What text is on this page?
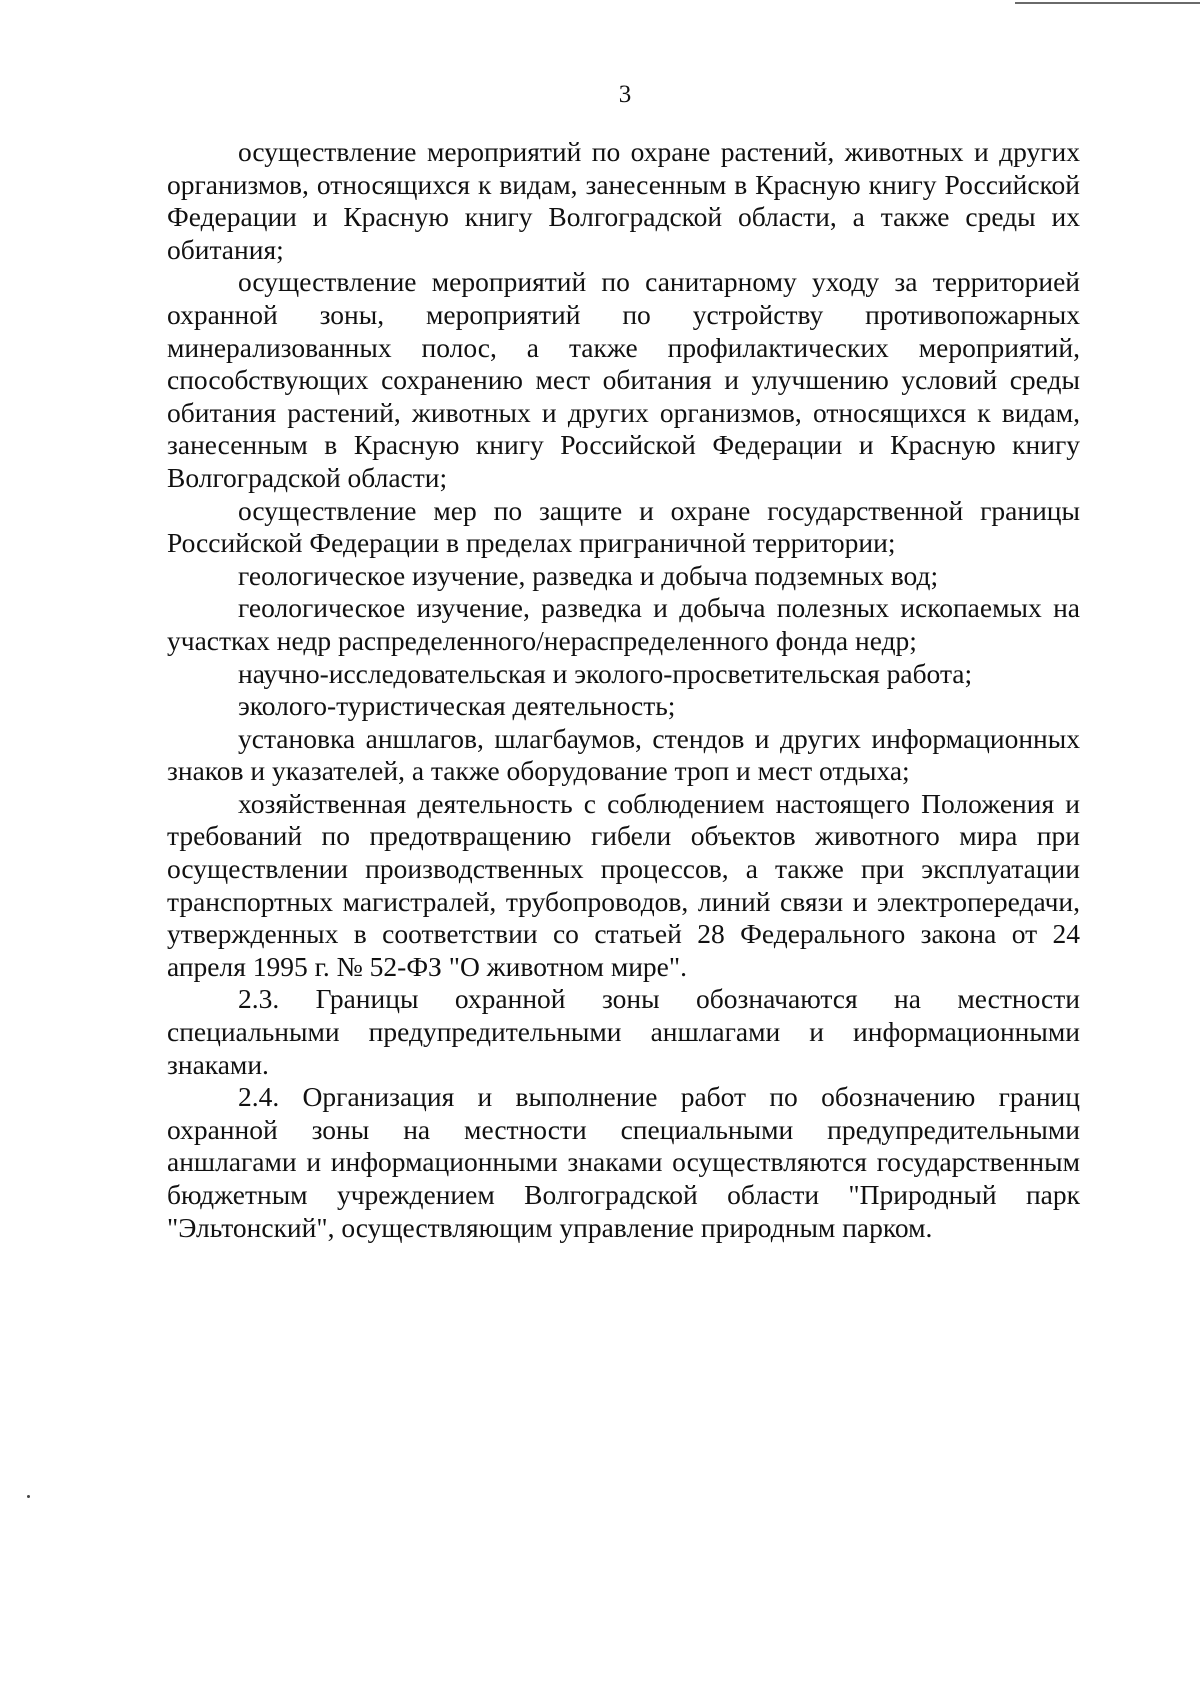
3

осуществление мероприятий по охране растений, животных и других организмов, относящихся к видам, занесенным в Красную книгу Российской Федерации и Красную книгу Волгоградской области, а также среды их обитания;

осуществление мероприятий по санитарному уходу за территорией охранной зоны, мероприятий по устройству противопожарных минерализованных полос, а также профилактических мероприятий, способствующих сохранению мест обитания и улучшению условий среды обитания растений, животных и других организмов, относящихся к видам, занесенным в Красную книгу Российской Федерации и Красную книгу Волгоградской области;

осуществление мер по защите и охране государственной границы Российской Федерации в пределах приграничной территории;

геологическое изучение, разведка и добыча подземных вод;

геологическое изучение, разведка и добыча полезных ископаемых на участках недр распределенного/нераспределенного фонда недр;

научно-исследовательская и эколого-просветительская работа;

эколого-туристическая деятельность;

установка аншлагов, шлагбаумов, стендов и других информационных знаков и указателей, а также оборудование троп и мест отдыха;

хозяйственная деятельность с соблюдением настоящего Положения и требований по предотвращению гибели объектов животного мира при осуществлении производственных процессов, а также при эксплуатации транспортных магистралей, трубопроводов, линий связи и электропередачи, утвержденных в соответствии со статьей 28 Федерального закона от 24 апреля 1995 г. № 52-ФЗ "О животном мире".

2.3. Границы охранной зоны обозначаются на местности специальными предупредительными аншлагами и информационными знаками.

2.4. Организация и выполнение работ по обозначению границ охранной зоны на местности специальными предупредительными аншлагами и информационными знаками осуществляются государственным бюджетным учреждением Волгоградской области "Природный парк "Эльтонский", осуществляющим управление природным парком.
